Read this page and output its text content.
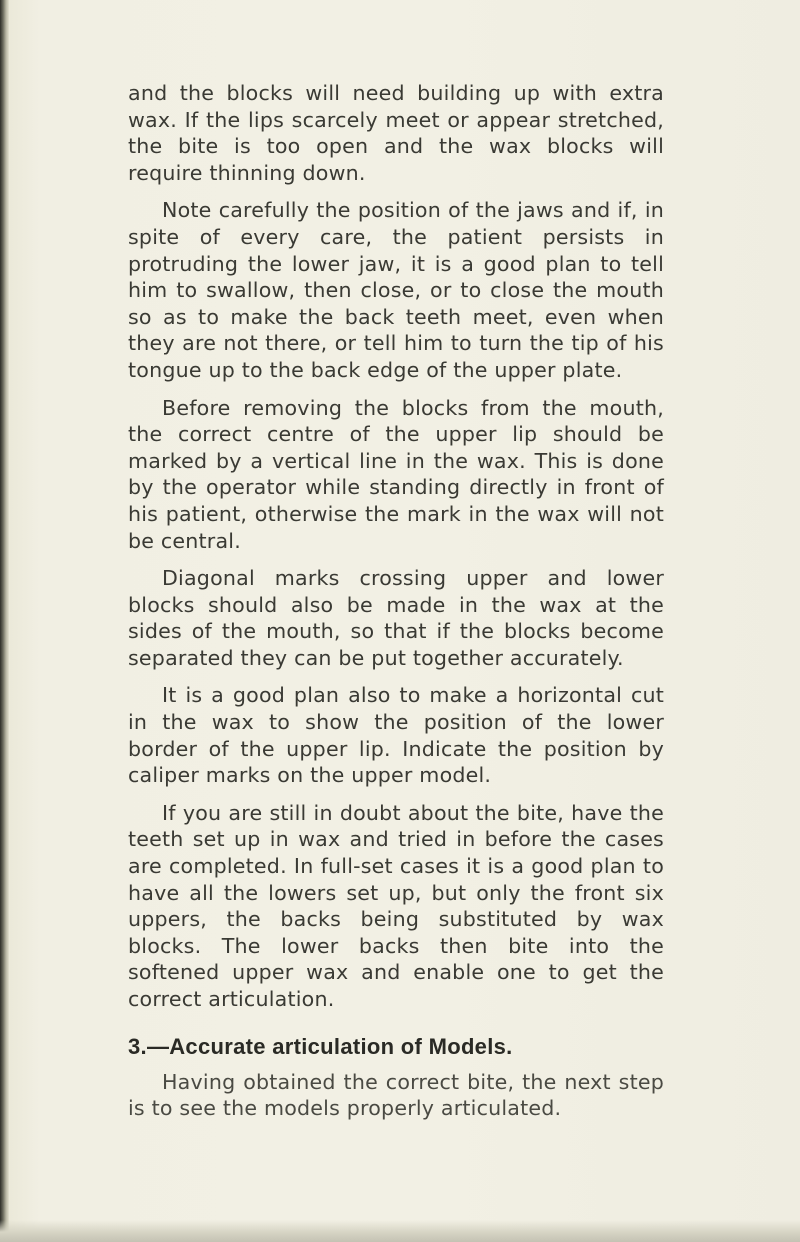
and the blocks will need building up with extra wax. If the lips scarcely meet or appear stretched, the bite is too open and the wax blocks will require thinning down.

Note carefully the position of the jaws and if, in spite of every care, the patient persists in protruding the lower jaw, it is a good plan to tell him to swallow, then close, or to close the mouth so as to make the back teeth meet, even when they are not there, or tell him to turn the tip of his tongue up to the back edge of the upper plate.

Before removing the blocks from the mouth, the correct centre of the upper lip should be marked by a vertical line in the wax. This is done by the operator while standing directly in front of his patient, otherwise the mark in the wax will not be central.

Diagonal marks crossing upper and lower blocks should also be made in the wax at the sides of the mouth, so that if the blocks become separated they can be put together accurately.

It is a good plan also to make a horizontal cut in the wax to show the position of the lower border of the upper lip. Indicate the position by caliper marks on the upper model.

If you are still in doubt about the bite, have the teeth set up in wax and tried in before the cases are completed. In full-set cases it is a good plan to have all the lowers set up, but only the front six uppers, the backs being substituted by wax blocks. The lower backs then bite into the softened upper wax and enable one to get the correct articulation.

3.—Accurate articulation of Models.

Having obtained the correct bite, the next step is to see the models properly articulated.
